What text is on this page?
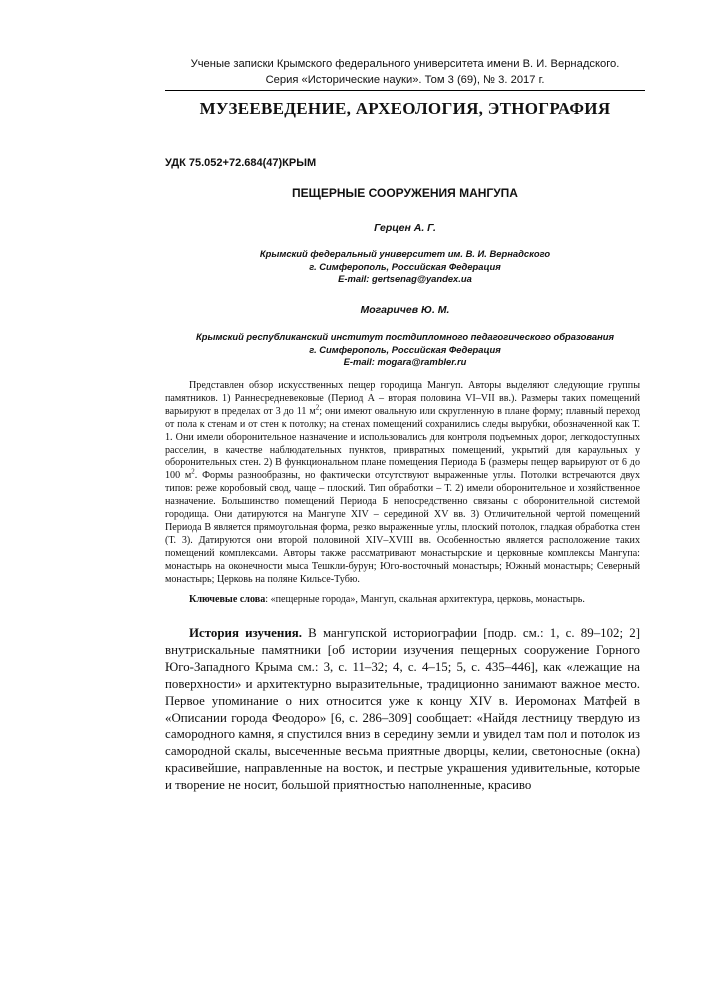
Ученые записки Крымского федерального университета имени В. И. Вернадского.
Серия «Исторические науки». Том 3 (69), № 3. 2017 г.
МУЗЕЕВЕДЕНИЕ, АРХЕОЛОГИЯ, ЭТНОГРАФИЯ
УДК 75.052+72.684(47)КРЫМ
ПЕЩЕРНЫЕ СООРУЖЕНИЯ МАНГУПА
Герцен А. Г.
Крымский федеральный университет им. В. И. Вернадского
г. Симферополь, Российская Федерация
E-mail: gertsenag@yandex.ua
Могаричев Ю. М.
Крымский республиканский институт постдипломного педагогического образования
г. Симферополь, Российская Федерация
E-mail: mogara@rambler.ru

Представлен обзор искусственных пещер городища Мангуп. Авторы выделяют следующие группы памятников. 1) Раннесредневековые (Период А – вторая половина VI–VII вв.). Размеры таких помещений варьируют в пределах от 3 до 11 $м^2$; они имеют овальную или скругленную в плане форму; плавный переход от пола к стенам и от стен к потолку; на стенах помещений сохранились следы вырубки, обозначенной как Т. 1. Они имели оборонительное назначение и использовались для контроля подъемных дорог, легкодоступных расселин, в качестве наблюдательных пунктов, привратных помещений, укрытий для караульных у оборонительных стен. 2) В функциональном плане помещения Периода Б (размеры пещер варьируют от 6 до 100 $м^2$. Формы разнообразны, но фактически отсутствуют выраженные углы. Потолки встречаются двух типов: реже коробовый свод, чаще – плоский. Тип обработки – Т. 2) имели оборонительное и хозяйственное назначение. Большинство помещений Периода Б непосредственно связаны с оборонительной системой городища. Они датируются на Мангупе XIV – серединой XV вв. 3) Отличительной чертой помещений Периода В является прямоугольная форма, резко выраженные углы, плоский потолок, гладкая обработка стен (Т. 3). Датируются они второй половиной XIV–XVIII вв. Особенностью является расположение таких помещений комплексами. Авторы также рассматривают монастырские и церковные комплексы Мангупа: монастырь на оконечности мыса Тешкли-бурун; Юго-восточный монастырь; Южный монастырь; Северный монастырь; Церковь на поляне Кильсе-Тубю.

Ключевые слова: «пещерные города», Мангуп, скальная архитектура, церковь, монастырь.

История изучения. В мангупской историографии [подр. см.: 1, с. 89–102; 2] внутрискальные памятники [об истории изучения пещерных сооружение Горного Юго-Западного Крыма см.: 3, с. 11–32; 4, с. 4–15; 5, с. 435–446], как «лежащие на поверхности» и архитектурно выразительные, традиционно занимают важное место. Первое упоминание о них относится уже к концу XIV в. Иеромонах Матфей в «Описании города Феодоро» [6, с. 286–309] сообщает: «Найдя лестницу твердую из самородного камня, я спустился вниз в середину земли и увидел там пол и потолок из самородной скалы, высеченные весьма приятные дворцы, келии, светоносные (окна) красивейшие, направленные на восток, и пестрые украшения удивительные, которые и творение не носит, большой приятностью наполненные, красиво
